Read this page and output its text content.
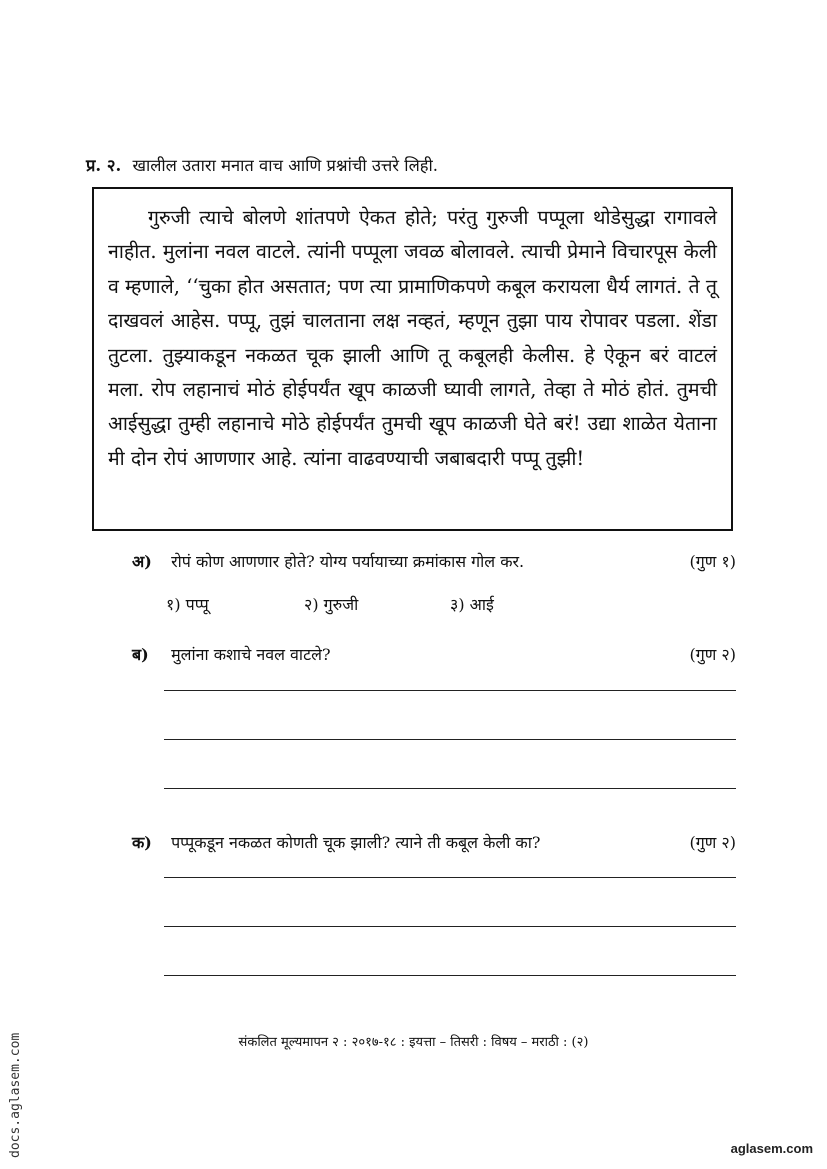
प्र. २. खालील उतारा मनात वाच आणि प्रश्नांची उत्तरे लिही.

गुरुजी त्याचे बोलणे शांतपणे ऐकत होते; परंतु गुरुजी पप्पूला थोडेसुद्धा रागावले नाहीत. मुलांना नवल वाटले. त्यांनी पप्पूला जवळ बोलावले. त्याची प्रेमाने विचारपूस केली व म्हणाले, ‘‘चुका होत असतात; पण त्या प्रामाणिकपणे कबूल करायला धैर्य लागतं. ते तू दाखवलं आहेस. पप्पू, तुझं चालताना लक्ष नव्हतं, म्हणून तुझा पाय रोपावर पडला. शेंडा तुटला. तुझ्याकडून नकळत चूक झाली आणि तू कबूलही केलीस. हे ऐकून बरं वाटलं मला. रोप लहानाचं मोठं होईपर्यंत खूप काळजी घ्यावी लागते, तेव्हा ते मोठं होतं. तुमची आईसुद्धा तुम्ही लहानाचे मोठे होईपर्यंत तुमची खूप काळजी घेते बरं! उद्या शाळेत येताना मी दोन रोपं आणणार आहे. त्यांना वाढवण्याची जबाबदारी पप्पू तुझी!

अ) रोपं कोण आणणार होते? योग्य पर्यायाच्या क्रमांकास गोल कर.	(गुण १)
१) पप्पू	२) गुरुजी	३) आई
ब) मुलांना कशाचे नवल वाटले?	(गुण २)
क) पप्पूकडून नकळत कोणती चूक झाली? त्याने ती कबूल केली का?	(गुण २)
संकलित मूल्यमापन २ : २०१७-१८ : इयत्ता – तिसरी : विषय – मराठी : (२)
docs.aglasem.com	aglasem.com
